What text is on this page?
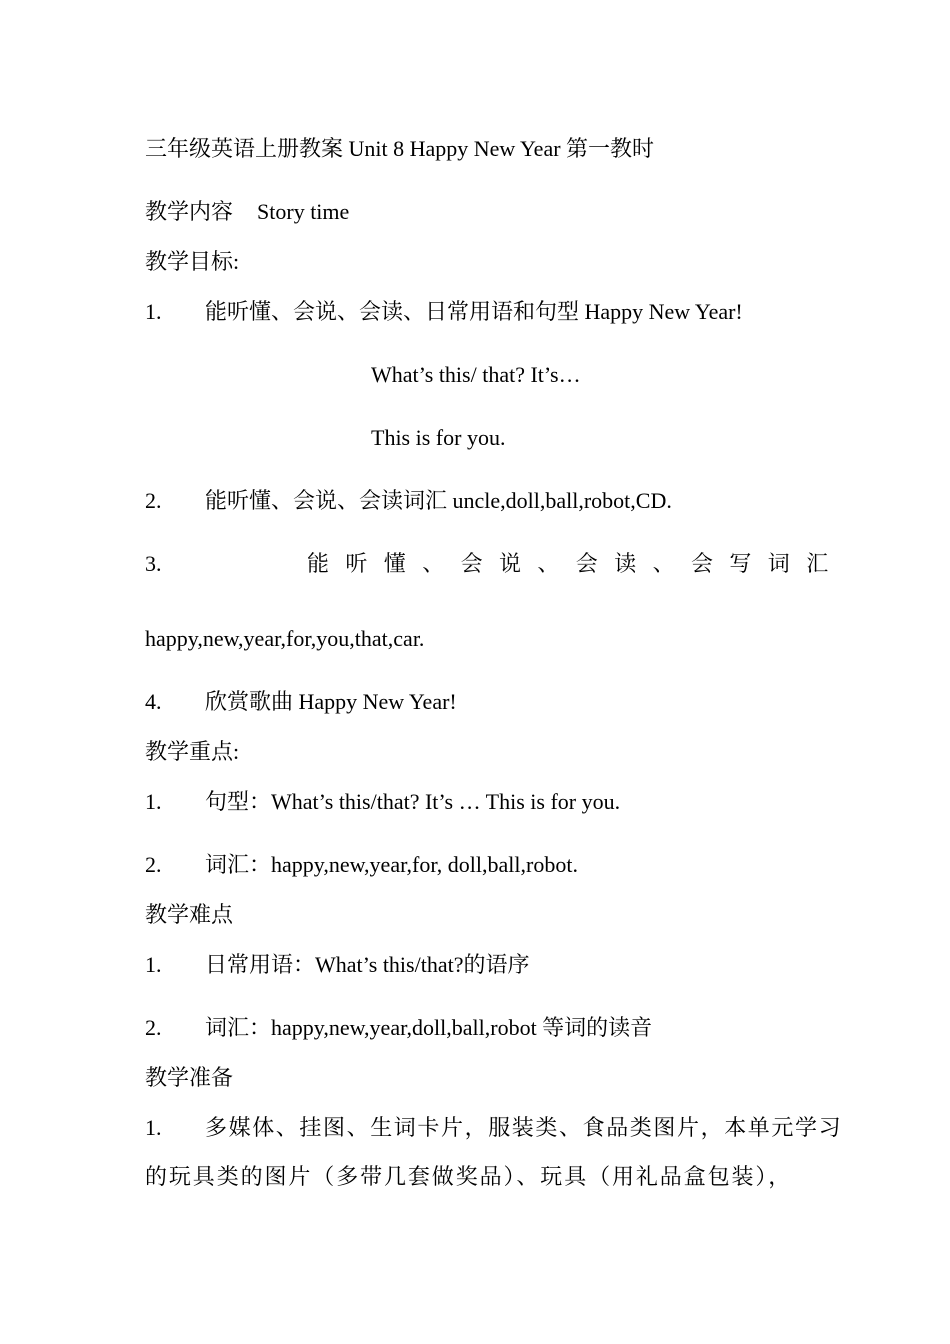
三年级英语上册教案 Unit 8 Happy New Year 第一教时
教学内容 Story time
教学目标:
1. 能听懂、会说、会读、日常用语和句型 Happy New Year!
What’s this/ that? It’s…
This is for you.
2. 能听懂、会说、会读词汇 uncle,doll,ball,robot,CD.
3.	能听懂、会说、会读、会写词汇
happy,new,year,for,you,that,car.
4. 欣赏歌曲 Happy New Year!
教学重点:
1. 句型：What’s this/that? It’s … This is for you.
2. 词汇：happy,new,year,for, doll,ball,robot.
教学难点
1. 日常用语：What’s this/that?的语序
2. 词汇：happy,new,year,doll,ball,robot 等词的读音
教学准备
1. 多媒体、挂图、生词卡片，服装类、食品类图片，本单元学习
的玩具类的图片（多带几套做奖品）、玩具（用礼品盒包装），
